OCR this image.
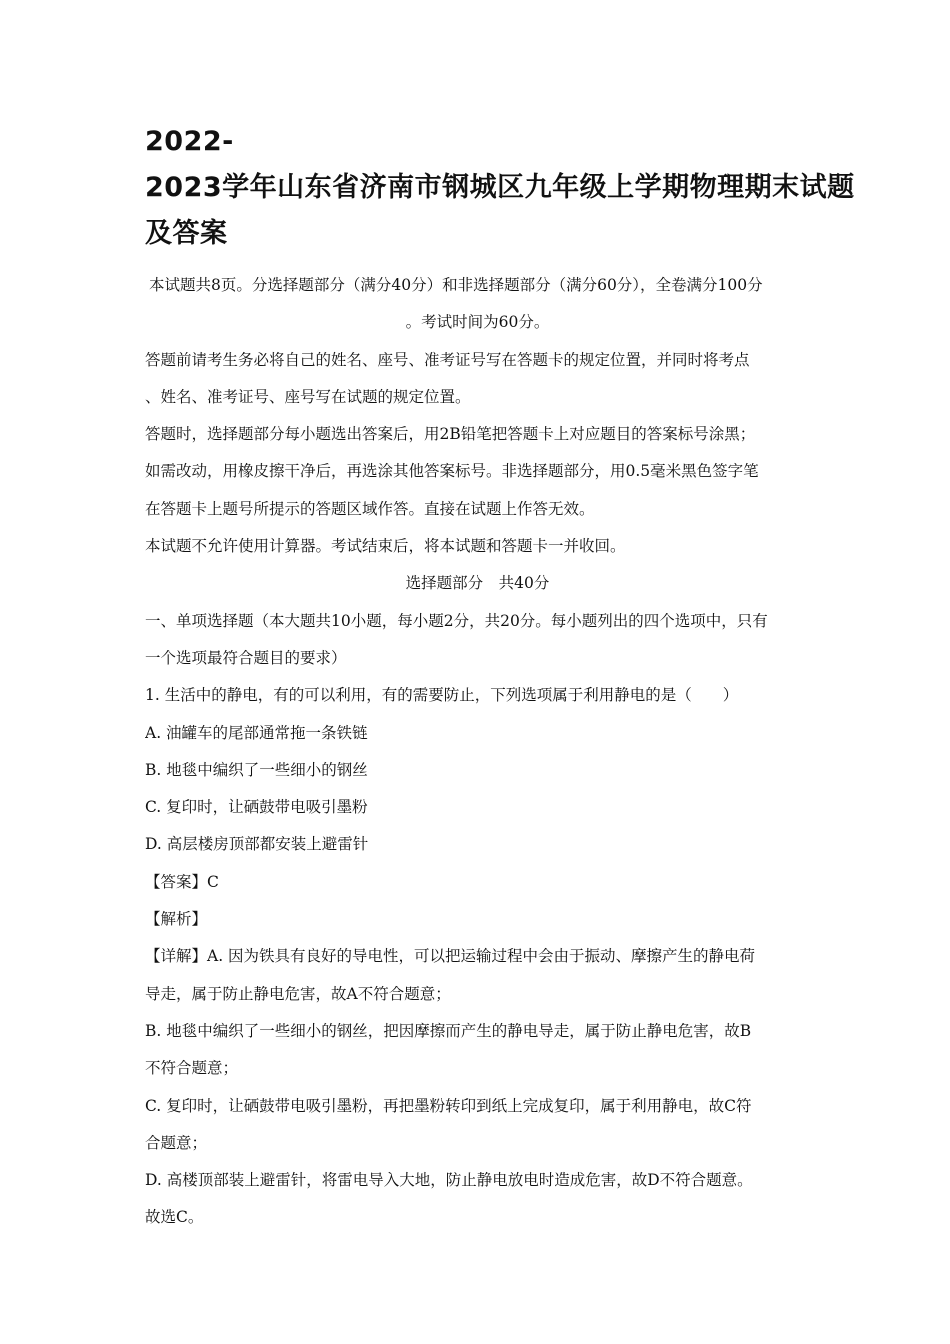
2022-
2023学年山东省济南市钢城区九年级上学期物理期末试题
及答案
本试题共8页。分选择题部分（满分40分）和非选择题部分（满分60分），全卷满分100分
。考试时间为60分。
答题前请考生务必将自己的姓名、座号、准考证号写在答题卡的规定位置，并同时将考点
、姓名、准考证号、座号写在试题的规定位置。
答题时，选择题部分每小题选出答案后，用2B铅笔把答题卡上对应题目的答案标号涂黑；
如需改动，用橡皮擦干净后，再选涂其他答案标号。非选择题部分，用0.5毫米黑色签字笔
在答题卡上题号所提示的答题区域作答。直接在试题上作答无效。
本试题不允许使用计算器。考试结束后，将本试题和答题卡一并收回。
选择题部分　共40分
一、单项选择题（本大题共10小题，每小题2分，共20分。每小题列出的四个选项中，只有
一个选项最符合题目的要求）
1. 生活中的静电，有的可以利用，有的需要防止，下列选项属于利用静电的是（　　）
A. 油罐车的尾部通常拖一条铁链
B. 地毯中编织了一些细小的钢丝
C. 复印时，让硒鼓带电吸引墨粉
D. 高层楼房顶部都安装上避雷针
【答案】C
【解析】
【详解】A. 因为铁具有良好的导电性，可以把运输过程中会由于振动、摩擦产生的静电荷
导走，属于防止静电危害，故A不符合题意；
B. 地毯中编织了一些细小的钢丝，把因摩擦而产生的静电导走，属于防止静电危害，故B
不符合题意；
C. 复印时，让硒鼓带电吸引墨粉，再把墨粉转印到纸上完成复印，属于利用静电，故C符
合题意；
D. 高楼顶部装上避雷针，将雷电导入大地，防止静电放电时造成危害，故D不符合题意。
故选C。
